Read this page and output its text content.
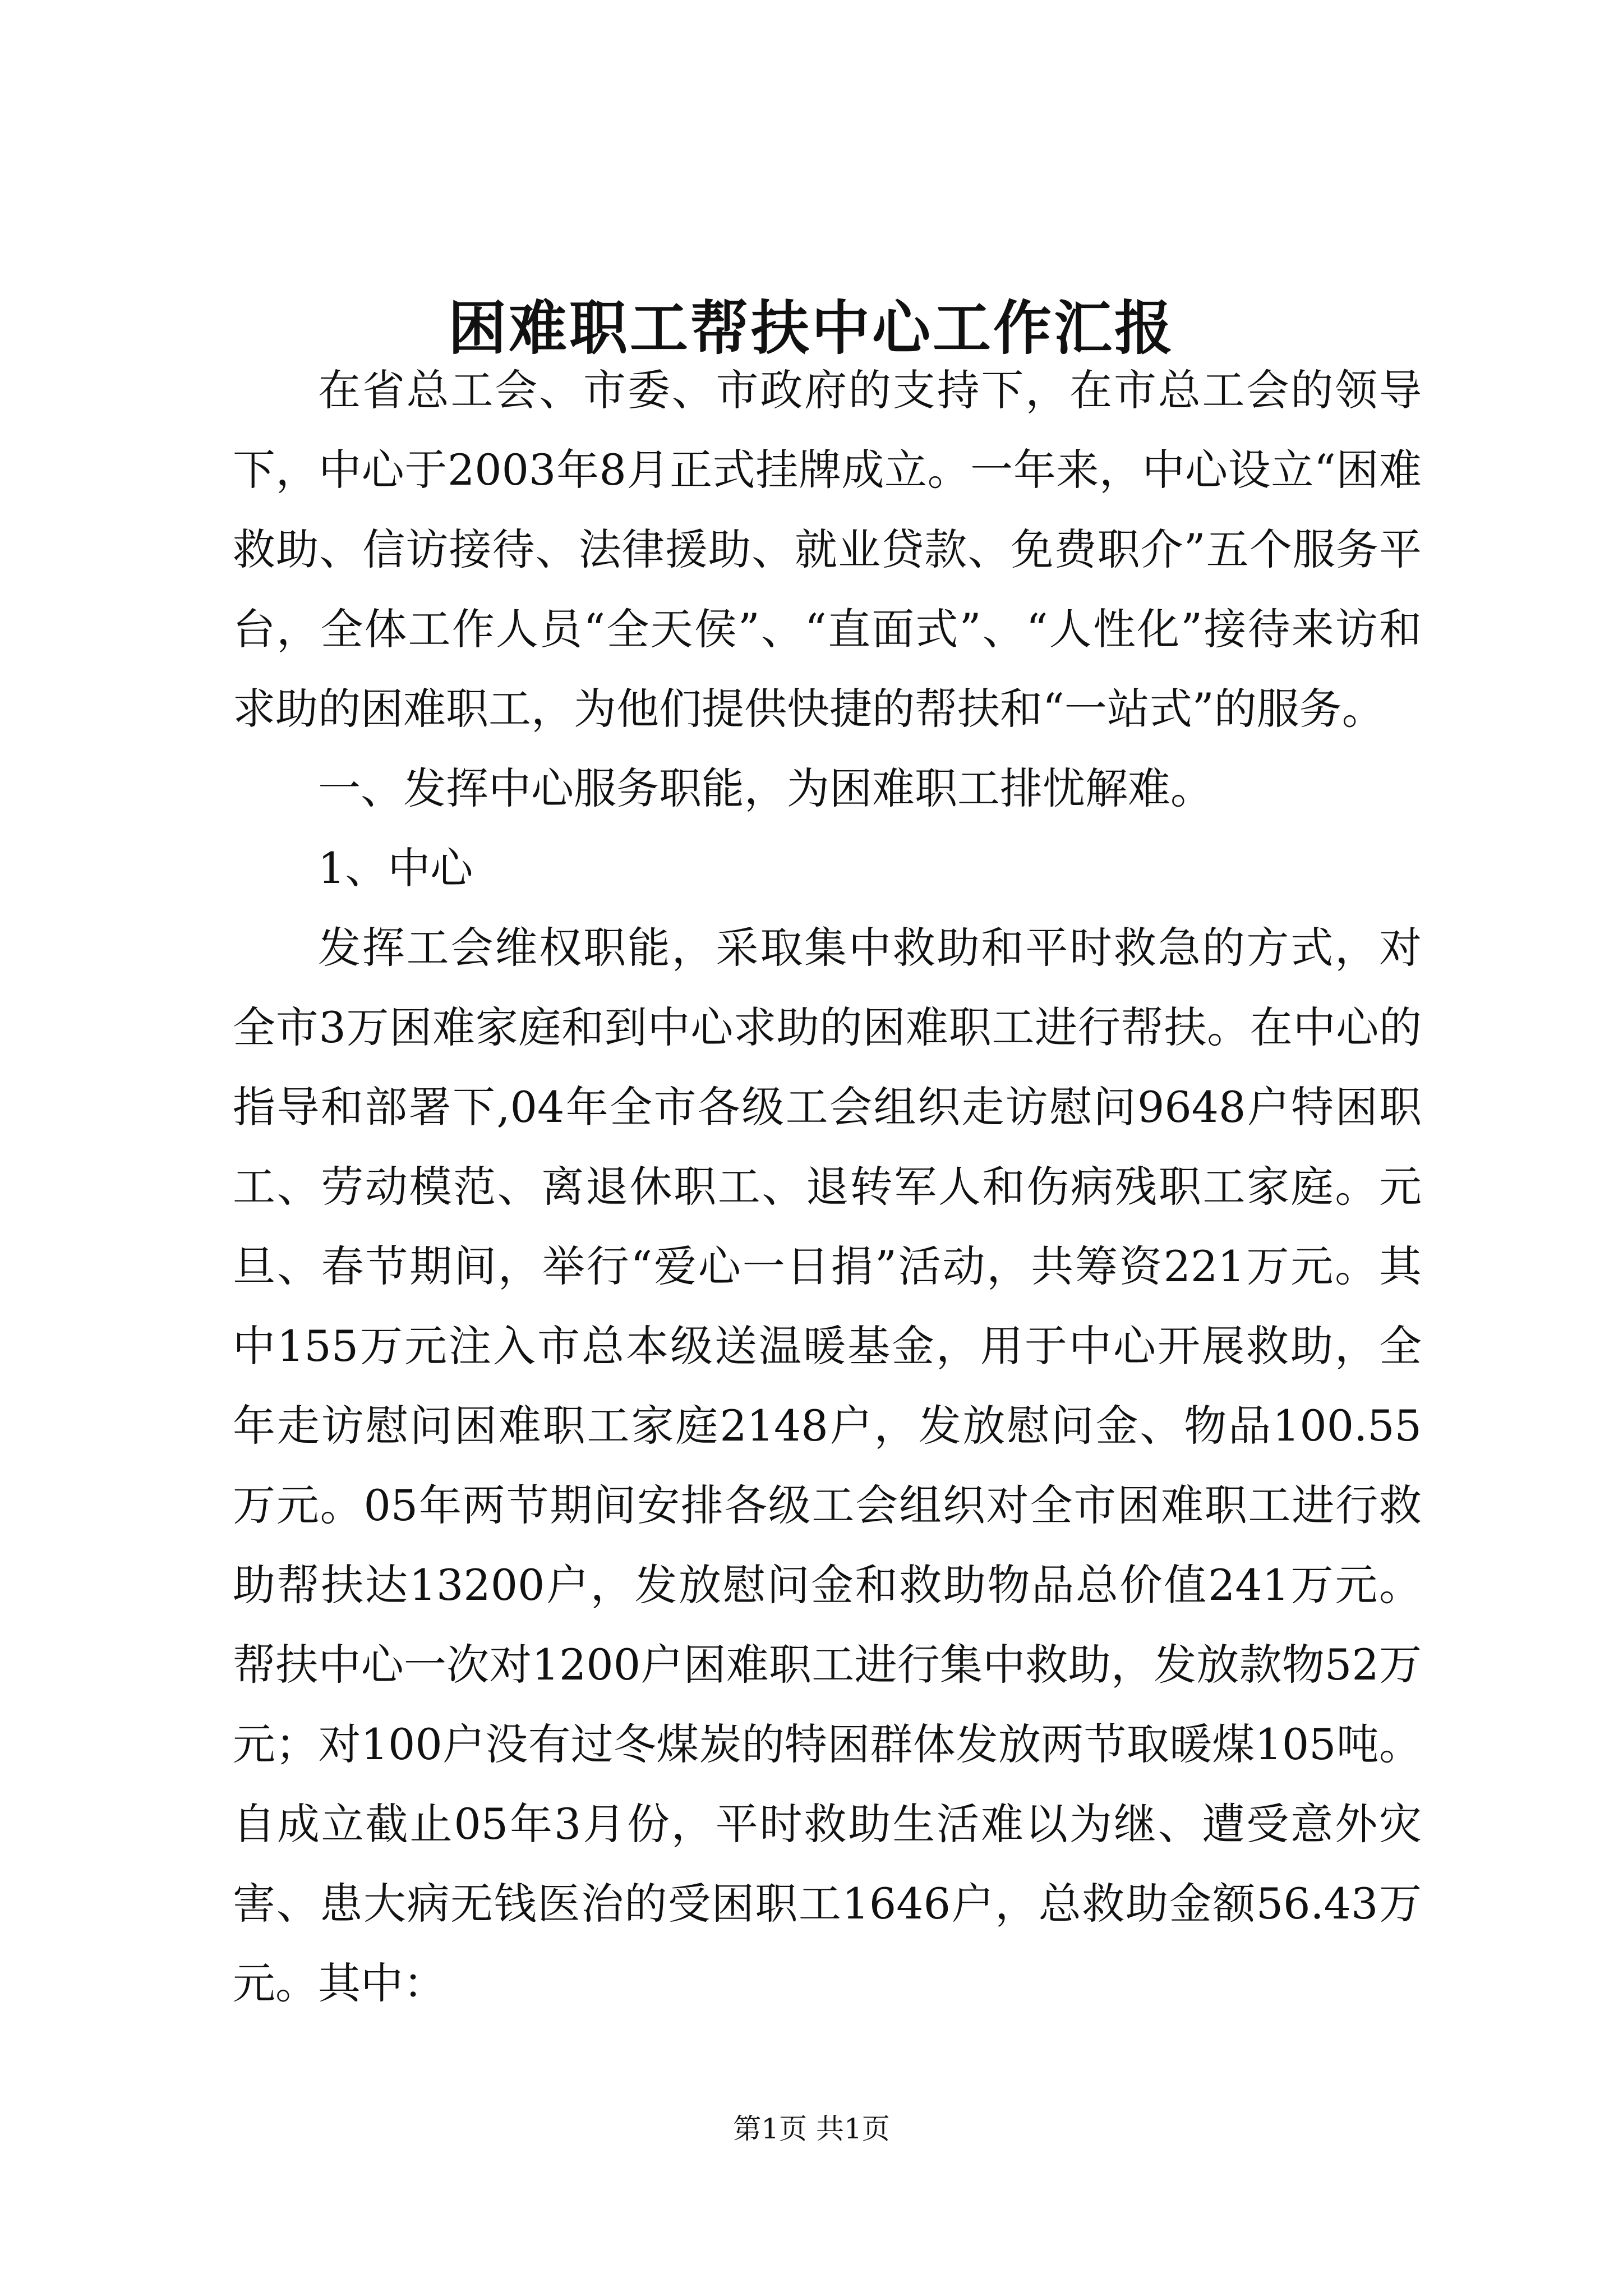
困难职工帮扶中心工作汇报

在省总工会、市委、市政府的支持下，在市总工会的领导下，中心于2003年8月正式挂牌成立。一年来，中心设立“困难救助、信访接待、法律援助、就业贷款、免费职介”五个服务平台，全体工作人员“全天侯”、“直面式”、“人性化”接待来访和求助的困难职工，为他们提供快捷的帮扶和“一站式”的服务。

一、发挥中心服务职能，为困难职工排忧解难。

1、中心

发挥工会维权职能，采取集中救助和平时救急的方式，对全市3万困难家庭和到中心求助的困难职工进行帮扶。在中心的指导和部署下,04年全市各级工会组织走访慰问9648户特困职工、劳动模范、离退休职工、退转军人和伤病残职工家庭。元旦、春节期间，举行“爱心一日捐”活动，共筹资221万元。其中155万元注入市总本级送温暖基金，用于中心开展救助，全年走访慰问困难职工家庭2148户，发放慰问金、物品100.55万元。05年两节期间安排各级工会组织对全市困难职工进行救助帮扶达13200户，发放慰问金和救助物品总价值241万元。帮扶中心一次对1200户困难职工进行集中救助，发放款物52万元；对100户没有过冬煤炭的特困群体发放两节取暖煤105吨。自成立截止05年3月份，平时救助生活难以为继、遭受意外灾害、患大病无钱医治的受困职工1646户，总救助金额56.43万元。其中：

第1页 共1页
